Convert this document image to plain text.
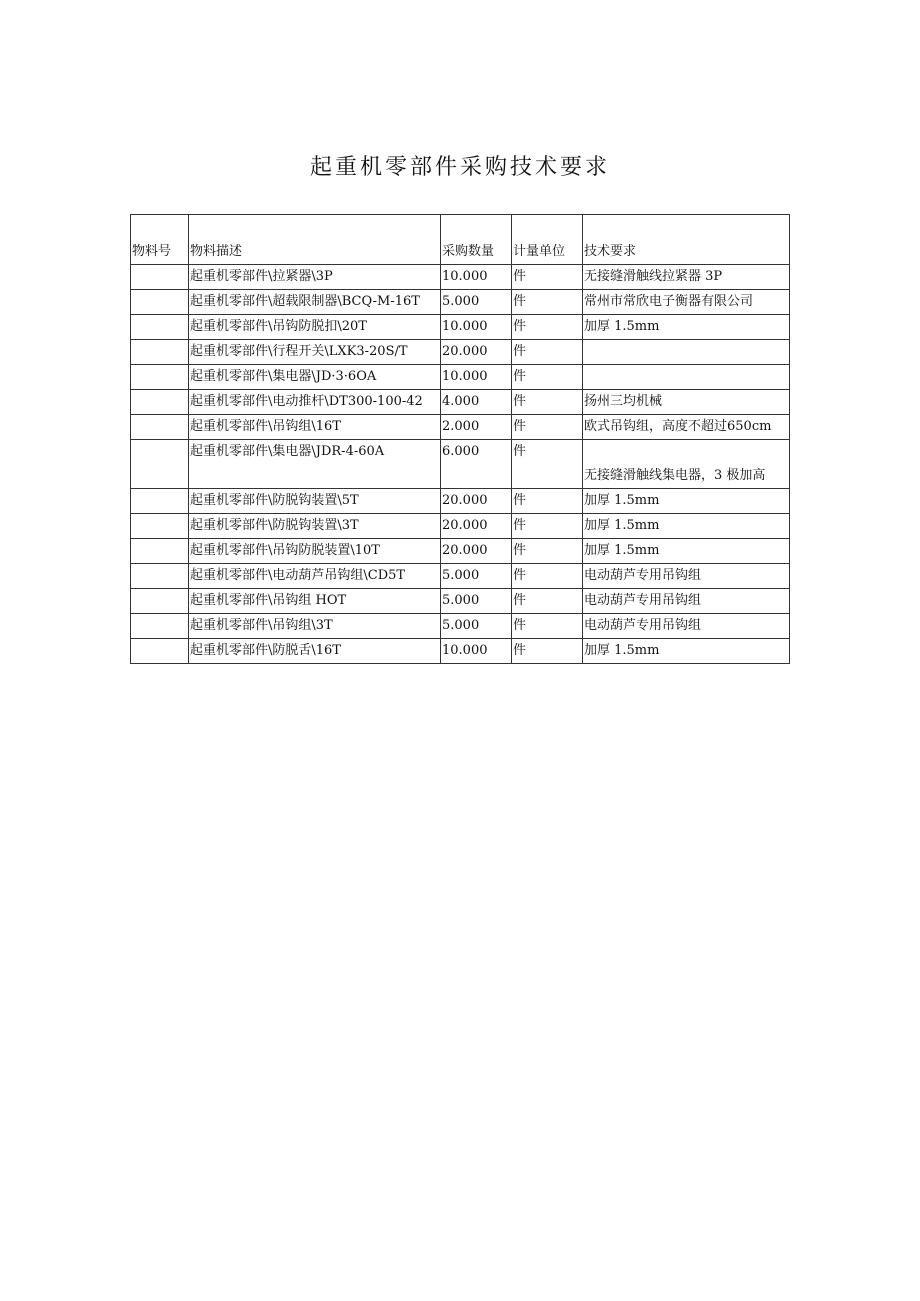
起重机零部件采购技术要求
物料号	物料描述	采购数量	计量单位	技术要求
	起重机零部件\拉紧器\3P	10.000	件	无接缝滑触线拉紧器 3P
	起重机零部件\超载限制器\BCQ-M-16T	5.000	件	常州市常欣电子衡器有限公司
	起重机零部件\吊钩防脱扣\20T	10.000	件	加厚 1.5mm
	起重机零部件\行程开关\LXK3-20S/T	20.000	件	
	起重机零部件\集电器\JD·3·6OA	10.000	件	
	起重机零部件\电动推杆\DT300-100-42	4.000	件	扬州三均机械
	起重机零部件\吊钩组\16T	2.000	件	欧式吊钩组，高度不超过650cm
	起重机零部件\集电器\JDR-4-60A	6.000	件	无接缝滑触线集电器，3 极加高
	起重机零部件\防脱钩装置\5T	20.000	件	加厚 1.5mm
	起重机零部件\防脱钩装置\3T	20.000	件	加厚 1.5mm
	起重机零部件\吊钩防脱装置\10T	20.000	件	加厚 1.5mm
	起重机零部件\电动葫芦吊钩组\CD5T	5.000	件	电动葫芦专用吊钩组
	起重机零部件\吊钩组 HOT	5.000	件	电动葫芦专用吊钩组
	起重机零部件\吊钩组\3T	5.000	件	电动葫芦专用吊钩组
	起重机零部件\防脱舌\16T	10.000	件	加厚 1.5mm
